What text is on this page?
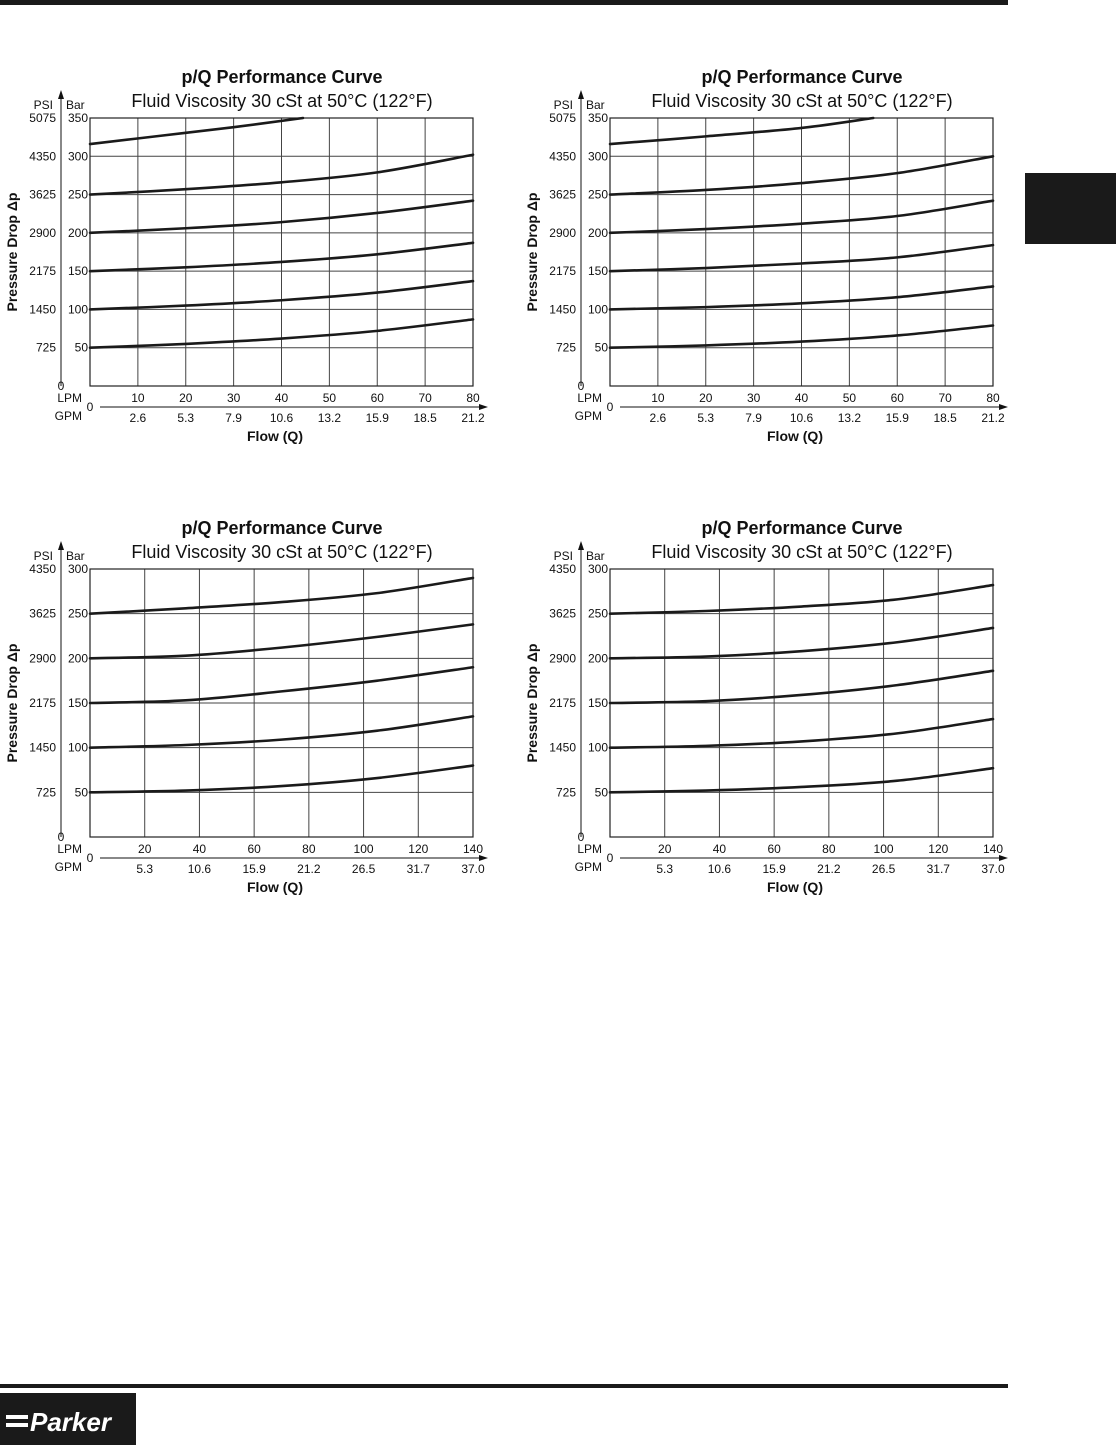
p/Q Performance Curve
Fluid Viscosity 30 cSt at 50°C (122°F)
PSI Bar
50
725
100
1450
150
2175
200
2900
250
3625
300
4350
350
5075
0
0
LPM
GPM
10
2.6
20
5.3
30
7.9
40
10.6
50
13.2
60
15.9
70
18.5
80
21.2
Flow (Q)
Pressure Drop Δp
p/Q Performance Curve
Fluid Viscosity 30 cSt at 50°C (122°F)
PSI Bar
50
725
100
1450
150
2175
200
2900
250
3625
300
4350
350
5075
0
0
LPM
GPM
10
2.6
20
5.3
30
7.9
40
10.6
50
13.2
60
15.9
70
18.5
80
21.2
Flow (Q)
Pressure Drop Δp
p/Q Performance Curve
Fluid Viscosity 30 cSt at 50°C (122°F)
PSI Bar
50
725
100
1450
150
2175
200
2900
250
3625
300
4350
0
0
LPM
GPM
20
5.3
40
10.6
60
15.9
80
21.2
100
26.5
120
31.7
140
37.0
Flow (Q)
Pressure Drop Δp
p/Q Performance Curve
Fluid Viscosity 30 cSt at 50°C (122°F)
PSI Bar
50
725
100
1450
150
2175
200
2900
250
3625
300
4350
0
0
LPM
GPM
20
5.3
40
10.6
60
15.9
80
21.2
100
26.5
120
31.7
140
37.0
Flow (Q)
Pressure Drop Δp
Parker
